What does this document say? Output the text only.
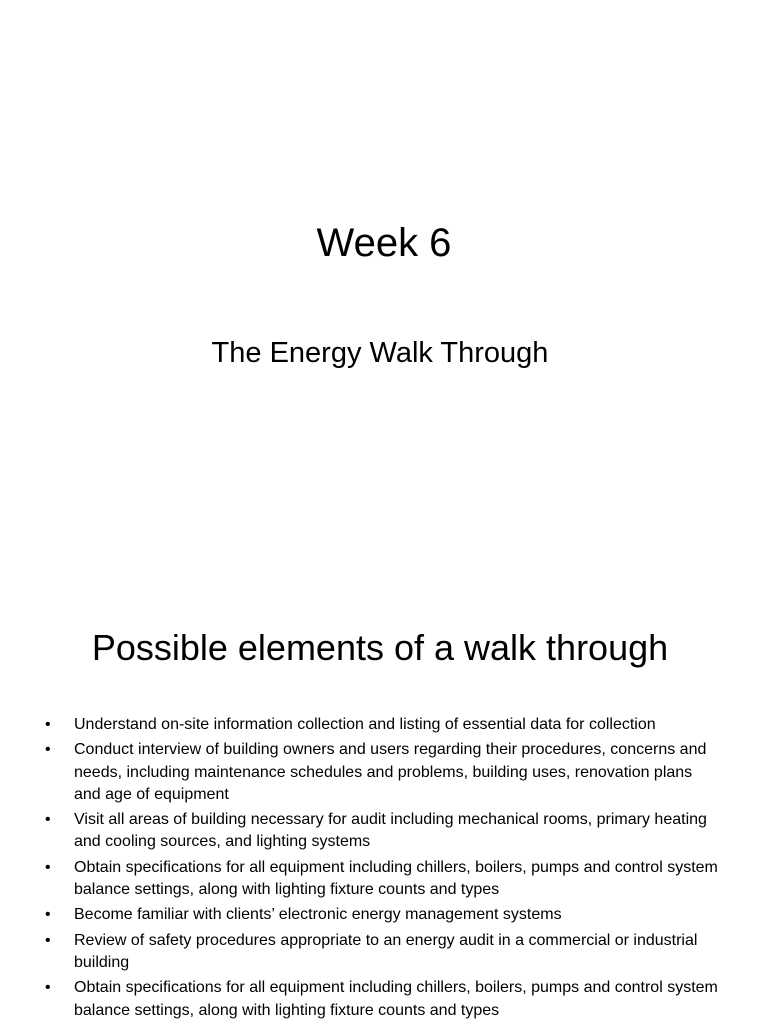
Week 6
The Energy Walk Through
Possible elements of a walk through
• Understand on-site information collection and listing of essential data for collection
• Conduct interview of building owners and users regarding their procedures, concerns and needs, including maintenance schedules and problems, building uses, renovation plans and age of equipment
• Visit all areas of building necessary for audit including mechanical rooms, primary heating and cooling sources, and lighting systems
• Obtain specifications for all equipment including chillers, boilers, pumps and control system balance settings, along with lighting fixture counts and types
• Become familiar with clients’ electronic energy management systems
• Review of safety procedures appropriate to an energy audit in a commercial or industrial building
• Obtain specifications for all equipment including chillers, boilers, pumps and control system balance settings, along with lighting fixture counts and types
